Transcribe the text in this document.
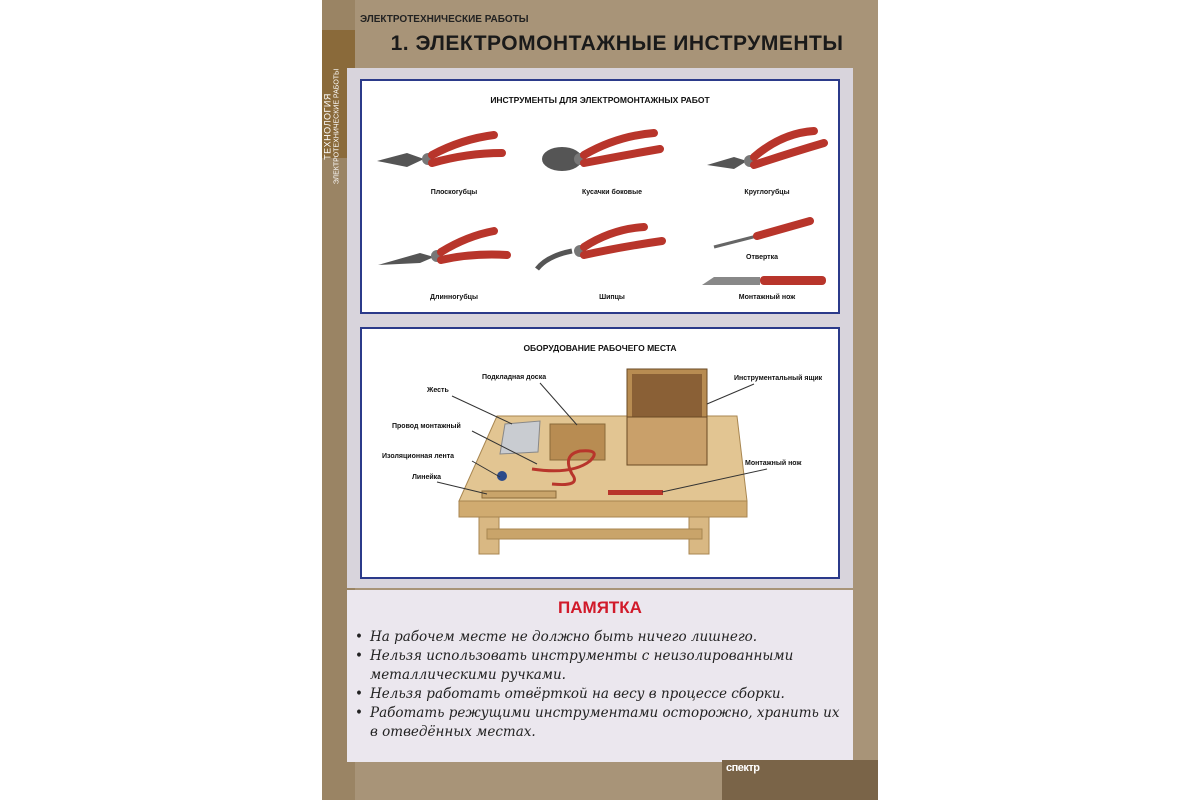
ТЕХНОЛОГИЯ ЭЛЕКТРОТЕХНИЧЕСКИЕ РАБОТЫ
ЭЛЕКТРОТЕХНИЧЕСКИЕ РАБОТЫ
1. ЭЛЕКТРОМОНТАЖНЫЕ ИНСТРУМЕНТЫ
ИНСТРУМЕНТЫ ДЛЯ ЭЛЕКТРОМОНТАЖНЫХ РАБОТ
Плоскогубцы	Кусачки боковые	Круглогубцы
Длинногубцы	Шипцы
Отвертка
Монтажный нож
ОБОРУДОВАНИЕ РАБОЧЕГО МЕСТА
Подкладная доска
Жесть
Провод монтажный
Изоляционная лента
Линейка
Инструментальный ящик
Монтажный нож
ПАМЯТКА
• На рабочем месте не должно быть ничего лишнего.
• Нельзя использовать инструменты с неизолированными металлическими ручками.
• Нельзя работать отвёрткой на весу в процессе сборки.
• Работать режущими инструментами осторожно, хранить их в отведённых местах.
спектр
